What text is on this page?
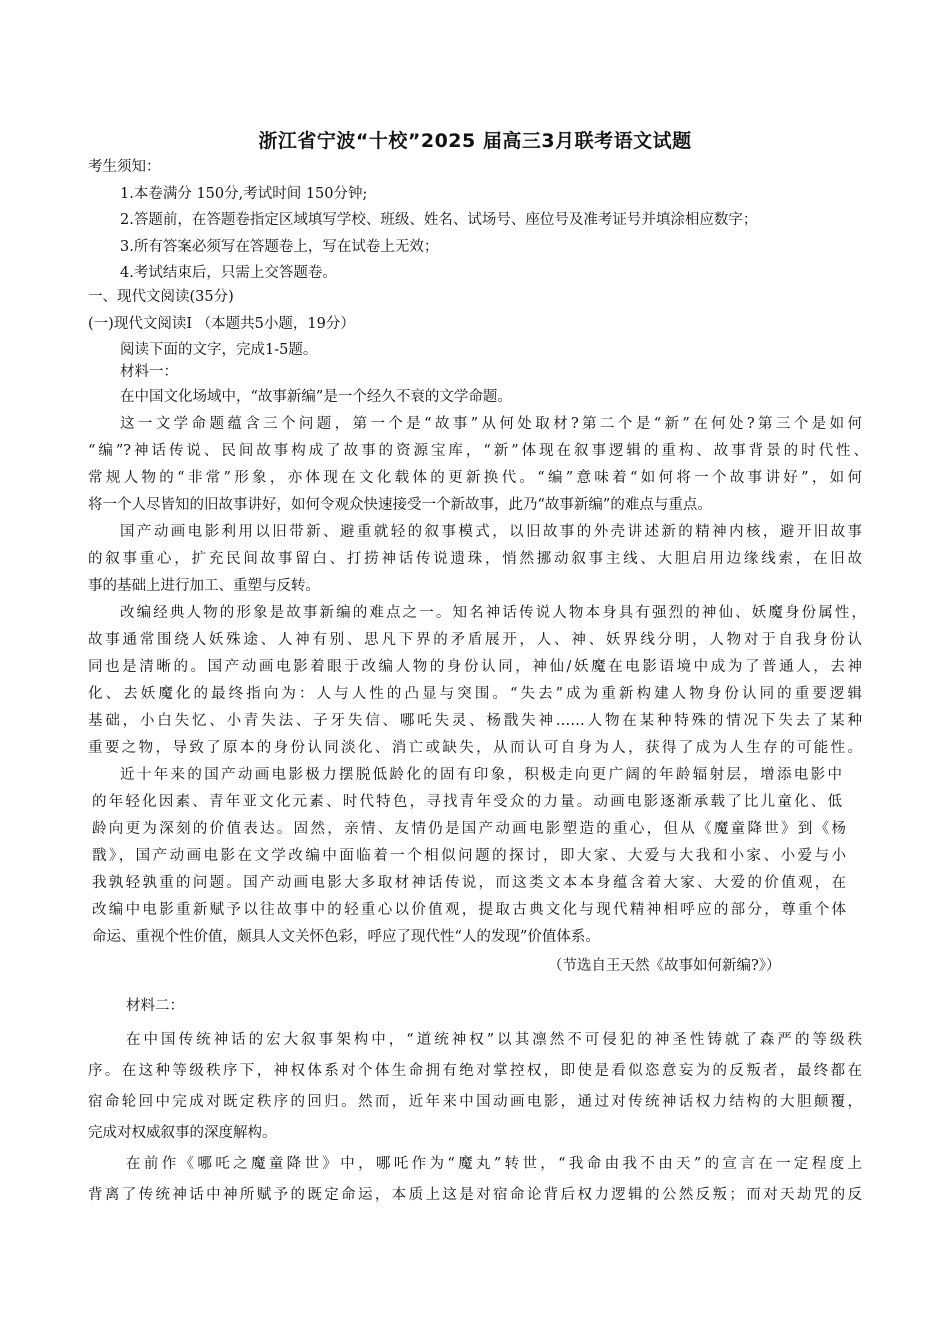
浙江省宁波“十校”2025 届高三3月联考语文试题
考生须知：
1.本卷满分 150分,考试时间 150分钟;
2.答题前，在答题卷指定区域填写学校、班级、姓名、试场号、座位号及准考证号并填涂相应数字；
3.所有答案必须写在答题卷上，写在试卷上无效；
4.考试结束后，只需上交答题卷。
一、现代文阅读(35分)
(一)现代文阅读Ⅰ （本题共5小题，19分）
阅读下面的文字，完成1-5题。
材料一：
在中国文化场域中，“故事新编”是一个经久不衰的文学命题。
这一文学命题蕴含三个问题，第一个是“故事”从何处取材?第二个是“新”在何处?第三个是如何
“编”?神话传说、民间故事构成了故事的资源宝库，“新”体现在叙事逻辑的重构、故事背景的时代性、
常规人物的“非常”形象，亦体现在文化载体的更新换代。“编”意味着“如何将一个故事讲好”，如何
将一个人尽皆知的旧故事讲好，如何令观众快速接受一个新故事，此乃“故事新编”的难点与重点。
国产动画电影利用以旧带新、避重就轻的叙事模式，以旧故事的外壳讲述新的精神内核，避开旧故事
的叙事重心，扩充民间故事留白、打捞神话传说遗珠，悄然挪动叙事主线、大胆启用边缘线索，在旧故
事的基础上进行加工、重塑与反转。
改编经典人物的形象是故事新编的难点之一。知名神话传说人物本身具有强烈的神仙、妖魔身份属性，
故事通常围绕人妖殊途、人神有别、思凡下界的矛盾展开，人、神、妖界线分明，人物对于自我身份认
同也是清晰的。国产动画电影着眼于改编人物的身份认同，神仙/妖魔在电影语境中成为了普通人，去神
化、去妖魔化的最终指向为：人与人性的凸显与突围。“失去”成为重新构建人物身份认同的重要逻辑
基础，小白失忆、小青失法、子牙失信、哪吒失灵、杨戬失神……人物在某种特殊的情况下失去了某种
重要之物，导致了原本的身份认同淡化、消亡或缺失，从而认可自身为人，获得了成为人生存的可能性。
近十年来的国产动画电影极力摆脱低龄化的固有印象，积极走向更广阔的年龄辐射层，增添电影中
的年轻化因素、青年亚文化元素、时代特色，寻找青年受众的力量。动画电影逐渐承载了比儿童化、低
龄向更为深刻的价值表达。固然，亲情、友情仍是国产动画电影塑造的重心，但从《魔童降世》到《杨
戬》，国产动画电影在文学改编中面临着一个相似问题的探讨，即大家、大爱与大我和小家、小爱与小
我孰轻孰重的问题。国产动画电影大多取材神话传说，而这类文本本身蕴含着大家、大爱的价值观，在
改编中电影重新赋予以往故事中的轻重心以价值观，提取古典文化与现代精神相呼应的部分，尊重个体
命运、重视个性价值，颇具人文关怀色彩，呼应了现代性“人的发现”价值体系。
（节选自王天然《故事如何新编?》）
材料二：
在中国传统神话的宏大叙事架构中，“道统神权”以其凛然不可侵犯的神圣性铸就了森严的等级秩
序。在这种等级秩序下，神权体系对个体生命拥有绝对掌控权，即使是看似恣意妄为的反叛者，最终都在
宿命轮回中完成对既定秩序的回归。然而，近年来中国动画电影，通过对传统神话权力结构的大胆颠覆，
完成对权威叙事的深度解构。
在前作《哪吒之魔童降世》中，哪吒作为“魔丸”转世，“我命由我不由天”的宣言在一定程度上
背离了传统神话中神所赋予的既定命运，本质上这是对宿命论背后权力逻辑的公然反叛；而对天劫咒的反
